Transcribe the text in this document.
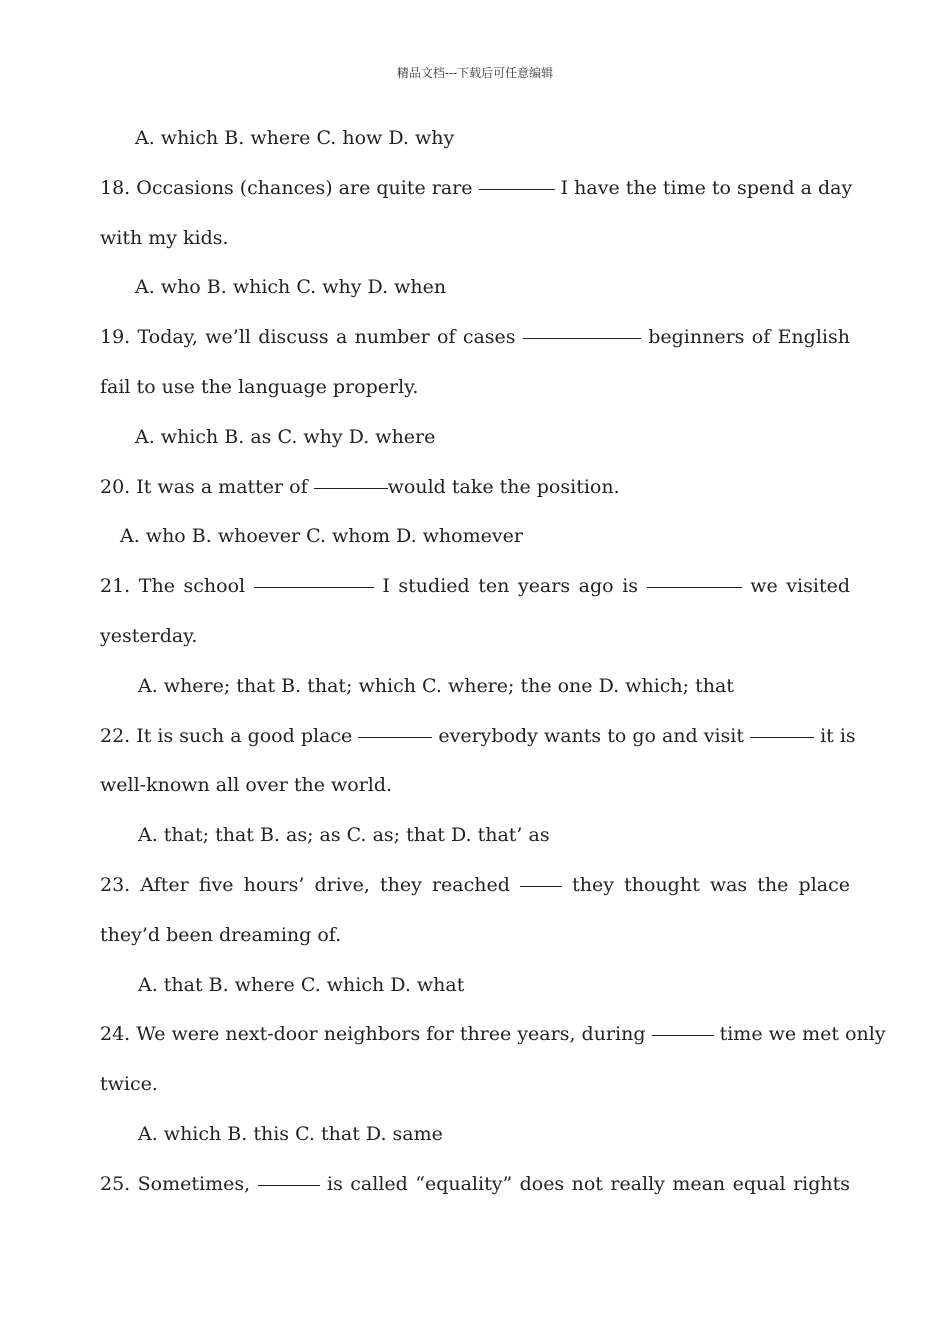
精品文档---下载后可任意编辑
A. which B. where C. how D. why
18. Occasions (chances) are quite rare	I have the time to spend a day
with my kids.
A. who B. which C. why D. when
19. Today, we’ll discuss a number of cases	beginners of English
fail to use the language properly.
A. which B. as C. why D. where
20. It was a matter of	would take the position.
A. who B. whoever C. whom D. whomever
21. The school	I studied ten years ago is	we visited
yesterday.
A. where; that B. that; which C. where; the one D. which; that
22. It is such a good place	everybody wants to go and visit	it is
well-known all over the world.
A. that; that B. as; as C. as; that D. that’ as
23. After five hours’ drive, they reached	they thought was the place
they’d been dreaming of.
A. that B. where C. which D. what
24. We were next-door neighbors for three years, during	time we met only
twice.
A. which B. this C. that D. same
25. Sometimes,	is called “equality” does not really mean equal rights
